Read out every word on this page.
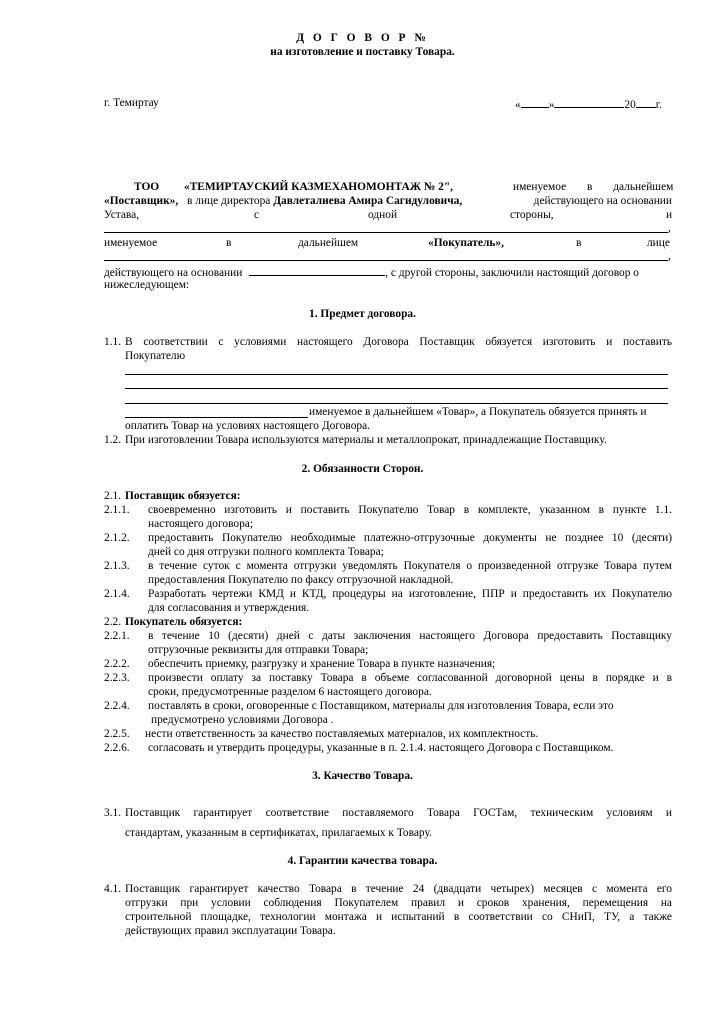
Д О Г О В О Р №
на изготовление и поставку Товара.
г. Темиртау	« »	20 г.
ТОО «ТЕМИРТАУСКИЙ КАЗМЕХАНОМОНТАЖ № 2",	именуемое в дальнейшем
«Поставщик», в лице директора Давлеталиева Амира Сагидуловича,	действующего на основании
Устава,	с	одной	стороны,	и
,
именуемое	в	дальнейшем	«Покупатель»,	в	лице
,
действующего на основании	, с другой стороны, заключили настоящий договор о
нижеследующем:
1. Предмет договора.
1.1. В соответствии с условиями настоящего Договора Поставщик обязуется изготовить и поставить
Покупателю
именуемое в дальнейшем «Товар», а Покупатель обязуется принять и
оплатить Товар на условиях настоящего Договора.
1.2. При изготовлении Товара используются материалы и металлопрокат, принадлежащие Поставщику.
2. Обязанности Сторон.
2.1. Поставщик обязуется:
2.1.1. своевременно изготовить и поставить Покупателю Товар в комплекте, указанном в пункте 1.1.
настоящего договора;
2.1.2. предоставить Покупателю необходимые платежно-отгрузочные документы не позднее 10 (десяти)
дней со дня отгрузки полного комплекта Товара;
2.1.3. в течение суток с момента отгрузки уведомлять Покупателя о произведенной отгрузке Товара путем
предоставления Покупателю по факсу отгрузочной накладной.
2.1.4. Разработать чертежи КМД и КТД, процедуры на изготовление, ППР и предоставить их Покупателю
для согласования и утверждения.
2.2. Покупатель обязуется:
2.2.1. в течение 10 (десяти) дней с даты заключения настоящего Договора предоставить Поставщику
отгрузочные реквизиты для отправки Товара;
2.2.2. обеспечить приемку, разгрузку и хранение Товара в пункте назначения;
2.2.3. произвести оплату за поставку Товара в объеме согласованной договорной цены в порядке и в
сроки, предусмотренные разделом 6 настоящего договора.
2.2.4. поставлять в сроки, оговоренные с Поставщиком, материалы для изготовления Товара, если это
предусмотрено условиями Договора .
2.2.5. нести ответственность за качество поставляемых материалов, их комплектность.
2.2.6. согласовать и утвердить процедуры, указанные в п. 2.1.4. настоящего Договора с Поставщиком.
3. Качество Товара.
3.1. Поставщик гарантирует соответствие поставляемого Товара ГОСТам, техническим условиям и
стандартам, указанным в сертификатах, прилагаемых к Товару.
4. Гарантии качества товара.
4.1. Поставщик гарантирует качество Товара в течение 24 (двадцати четырех) месяцев с момента его
отгрузки при условии соблюдения Покупателем правил и сроков хранения, перемещения на
строительной площадке, технологии монтажа и испытаний в соответствии со СНиП, ТУ, а также
действующих правил эксплуатации Товара.
